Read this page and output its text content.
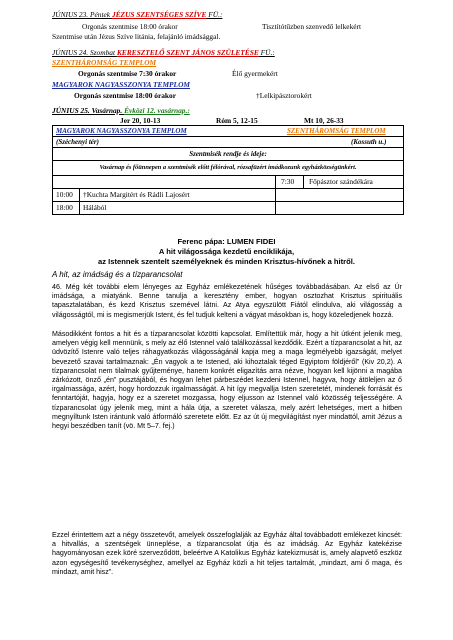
JÚNIUS 23. Péntek JÉZUS SZENTSÉGES SZÍVE FÜ.:
Orgonás szentmise 18:00 órakor	Tisztítótűzben szenvedő lelkekért
Szentmise után Jézus Szíve litánia, felajánló imádsággal.
JÚNIUS 24. Szombat KERESZTELŐ SZENT JÁNOS SZÜLETÉSE FÜ.:
SZENTHÁROMSÁG TEMPLOM
Orgonás szentmise 7:30 órakor	Élő gyermekért
MAGYAROK NAGYASSZONYA TEMPLOM
Orgonás szentmise 18:00 órakor	†Lelkipásztorokért
JÚNIUS 25. Vasárnap. Évközi 12. vasárnap.:
Jer 20, 10-13	Róm 5, 12-15	Mt 10, 26-33
MAGYAROK NAGYASSZONYA TEMPLOM	SZENTHÁROMSÁG TEMPLOM
(Széchenyi tér)	(Kossuth u.)
Szentmisék rendje és ideje:
Vasárnap és főünnepen a szentmisék előtt félórával, rózsafüzért imádkozunk egyházközségünkért.
7:30 Főpásztor szándékára
10:00 †Kuchta Margitért és Rádli Lajosért
18:00 Hálából
Ferenc pápa: LUMEN FIDEI
A hit világossága kezdetű enciklikája,
az Istennek szentelt személyeknek és minden Krisztus-hívőnek a hitről.
A hit, az imádság és a tízparancsolat
46. Még két további elem lényeges az Egyház emlékezetének hűséges továbbadásában. Az első az Úr imádsága, a miatyánk. Benne tanulja a keresztény ember, hogyan osztozhat Krisztus spirituális tapasztalatában, és kezd Krisztus szemével látni. Az Atya egyszülött Fiától elindulva, aki világosság a világosságtól, mi is megismerjük Istent, és fel tudjuk kelteni a vágyat másokban is, hogy közeledjenek hozzá.
Másodikként fontos a hit és a tízparancsolat közötti kapcsolat. Említettük már, hogy a hit útként jelenik meg, amelyen végig kell mennünk, s mely az élő Istennel való találkozással kezdődik. Ezért a tízparancsolat a hit, az üdvözítő Istenre való teljes ráhagyatkozás világosságánál kapja meg a maga legmélyebb igazságát, melyet bevezető szavai tartalmaznak: „Én vagyok a te Istened, aki kihoztalak téged Egyiptom földjéről” (Kiv 20,2). A tízparancsolat nem tilalmak gyűjteménye, hanem konkrét eligazítás arra nézve, hogyan kell kijönni a magába zárkózott, önző „én” pusztájából, és hogyan lehet párbeszédet kezdeni Istennel, hagyva, hogy átöleljen az ő irgalmassága, azért, hogy hordozzuk irgalmasságát. A hit így megvallja Isten szeretetét, mindenek forrását és fenntartóját, hagyja, hogy ez a szeretet mozgassa, hogy eljusson az Istennel való közösség teljességére. A tízparancsolat úgy jelenik meg, mint a hála útja, a szeretet válasza, mely azért lehetséges, mert a hitben megnyíltunk Isten irántunk való átformáló szeretete előtt. Ez az út új megvilágítást nyer mindattól, amit Jézus a hegyi beszédben tanít (vö. Mt 5–7. fej.)
Ezzel érintettem azt a négy összetevőt, amelyek összefoglalják az Egyház által továbbadott emlékezet kincsét: a hitvallás, a szentségek ünneplése, a tízparancsolat útja és az imádság. Az Egyház katekézise hagyományosan ezek köré szerveződött, beleértve A Katolikus Egyház katekizmusát is, amely alapvető eszköz azon egységesítő tevékenységhez, amellyel az Egyház közli a hit teljes tartalmát, „mindazt, ami ő maga, és mindazt, amit hisz”.
